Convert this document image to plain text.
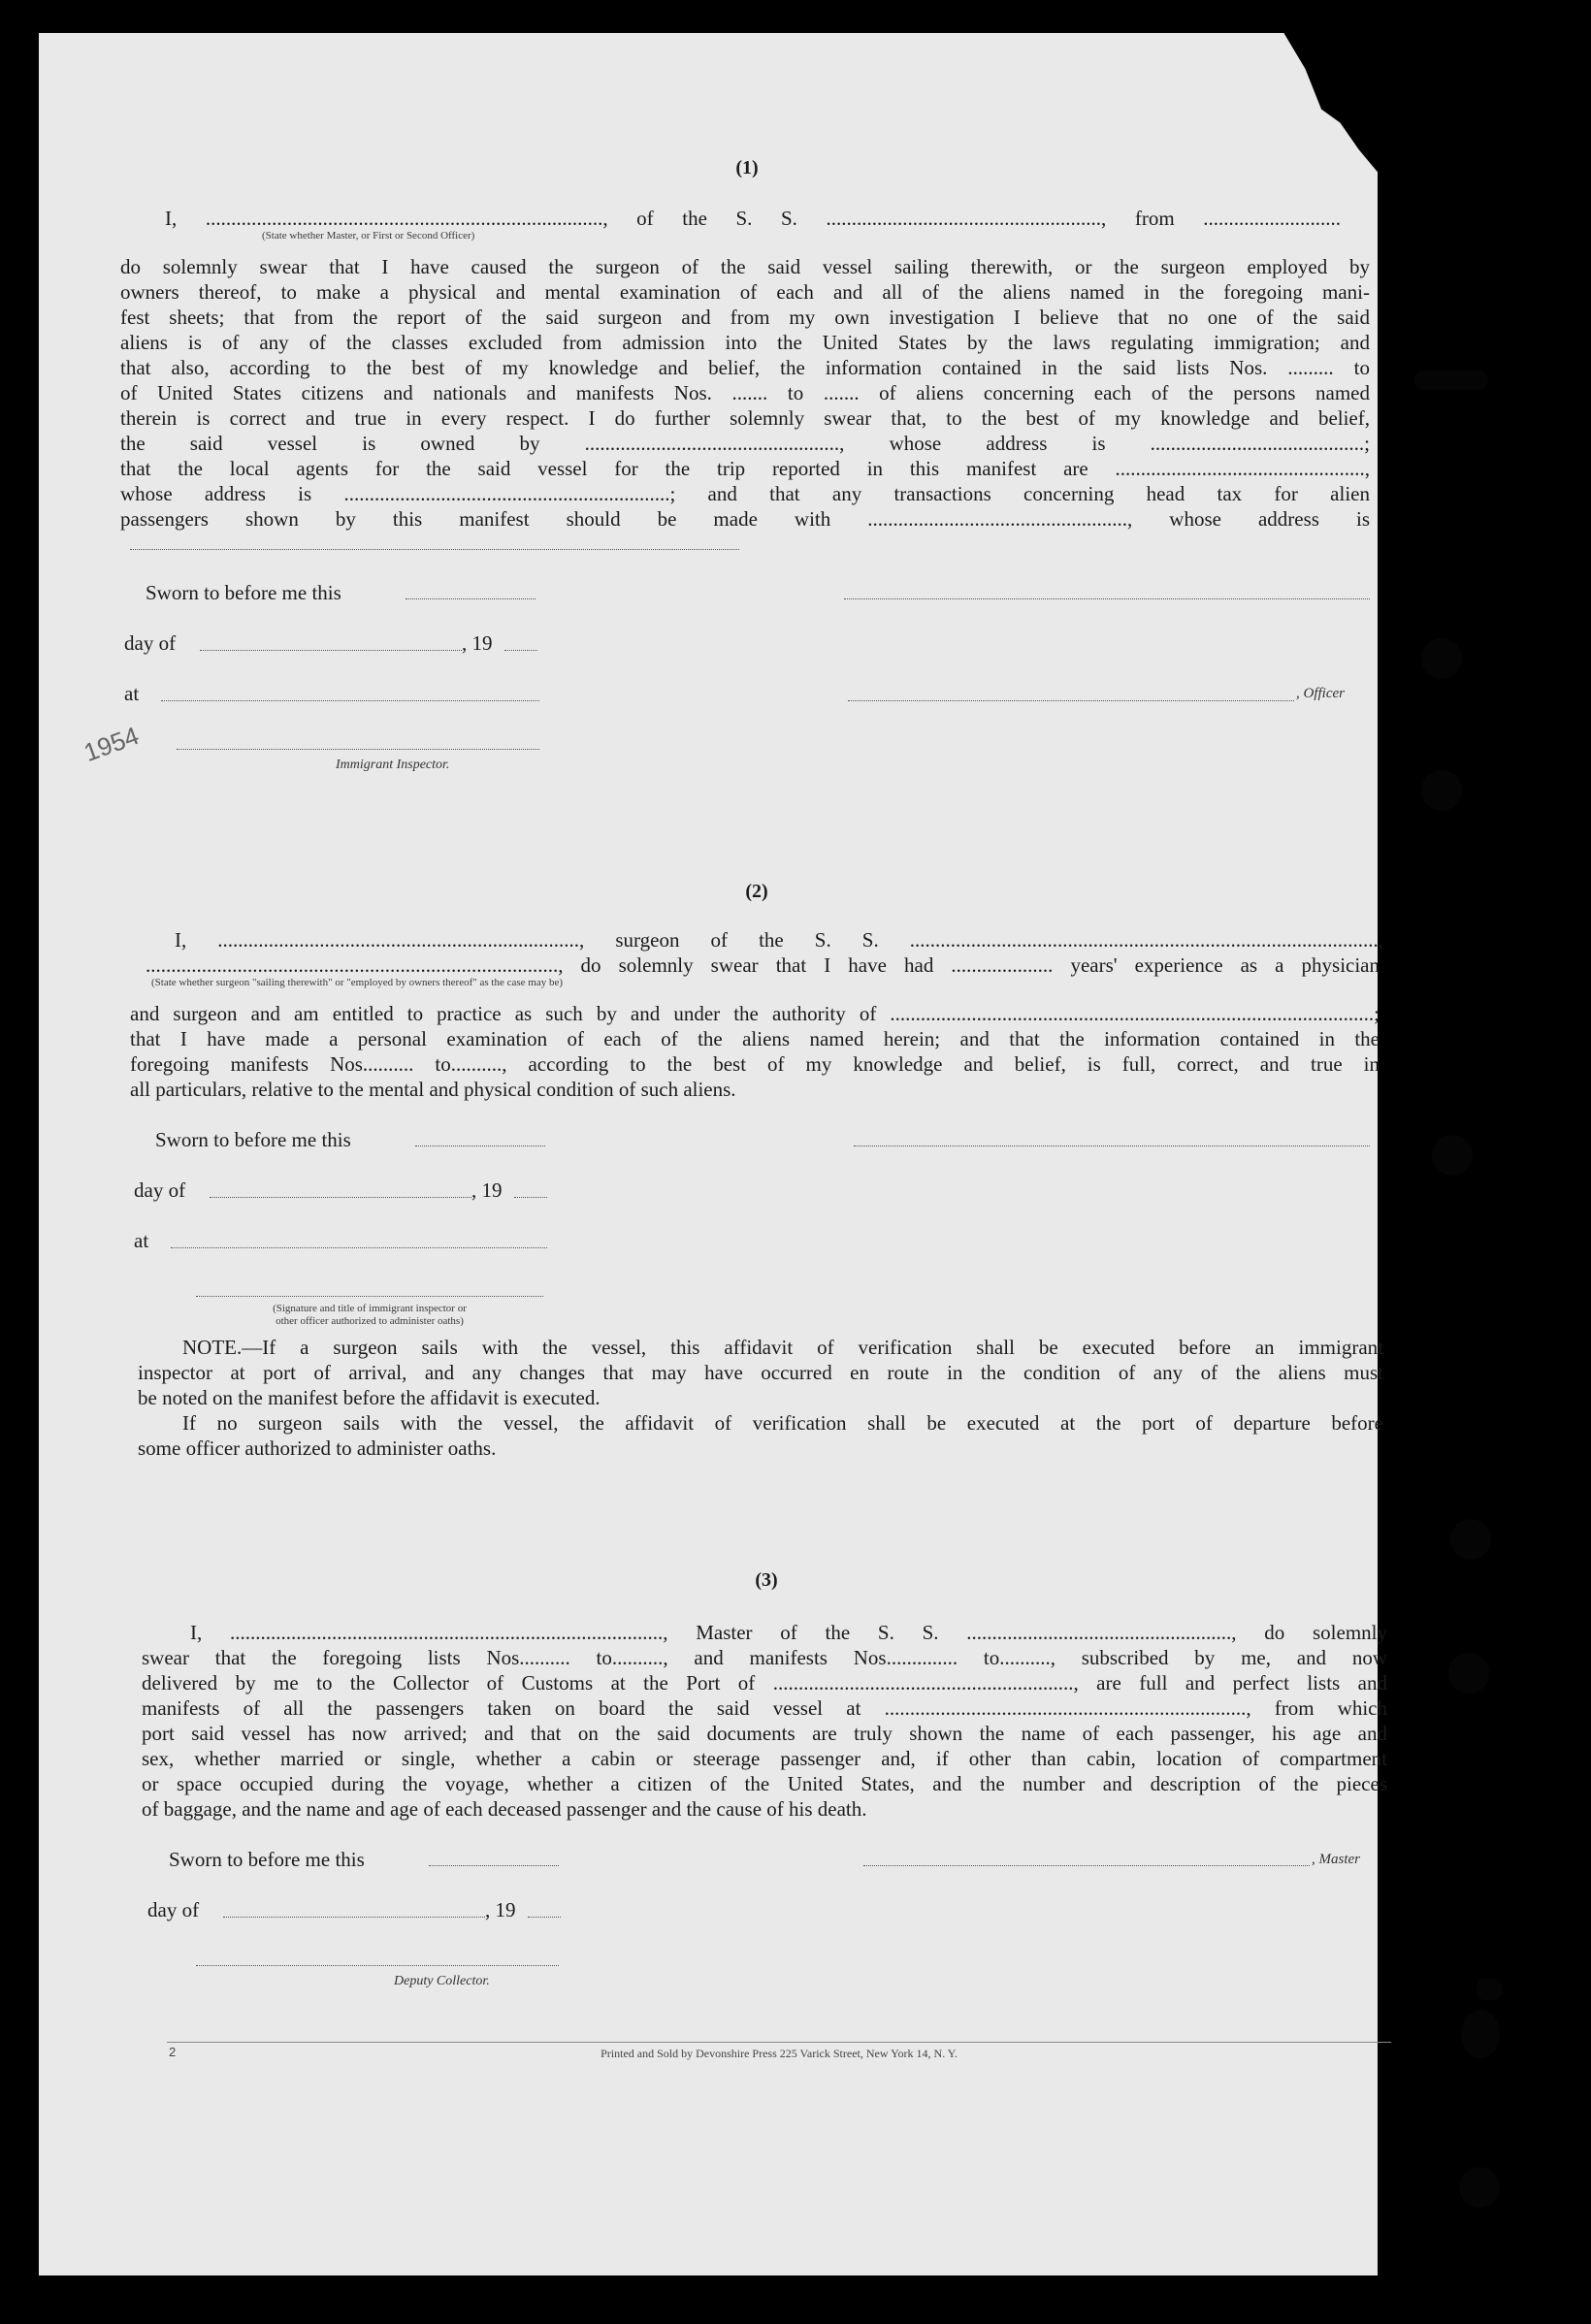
(1)
I, .............................................................................., of the S. S. ......................................................, from ...........................
(State whether Master, or First or Second Officer)
do solemnly swear that I have caused the surgeon of the said vessel sailing therewith, or the surgeon employed by
owners thereof, to make a physical and mental examination of each and all of the aliens named in the foregoing mani-
fest sheets; that from the report of the said surgeon and from my own investigation I believe that no one of the said
aliens is of any of the classes excluded from admission into the United States by the laws regulating immigration; and
that also, according to the best of my knowledge and belief, the information contained in the said lists Nos. ......... to
of United States citizens and nationals and manifests Nos. ....... to ....... of aliens concerning each of the persons named
therein is correct and true in every respect. I do further solemnly swear that, to the best of my knowledge and belief,
the said vessel is owned by .................................................., whose address is ..........................................;
that the local agents for the said vessel for the trip reported in this manifest are .................................................,
whose address is ................................................................; and that any transactions concerning head tax for alien
passengers shown by this manifest should be made with ..................................................., whose address is
Sworn to before me this
day of	, 19
at	, Officer
1954	Immigrant Inspector.
(2)
I, ......................................................................., surgeon of the S. S. ............................................................................................,
................................................................................., do solemnly swear that I have had .................... years' experience as a physician
(State whether surgeon "sailing therewith" or "employed by owners thereof" as the case may be)
and surgeon and am entitled to practice as such by and under the authority of ...............................................................................................;
that I have made a personal examination of each of the aliens named herein; and that the information contained in the
foregoing manifests Nos.......... to.........., according to the best of my knowledge and belief, is full, correct, and true in
all particulars, relative to the mental and physical condition of such aliens.
Sworn to before me this
day of	, 19
at
(Signature and title of immigrant inspector or
other officer authorized to administer oaths)
NOTE.—If a surgeon sails with the vessel, this affidavit of verification shall be executed before an immigrant
inspector at port of arrival, and any changes that may have occurred en route in the condition of any of the aliens must
be noted on the manifest before the affidavit is executed.
If no surgeon sails with the vessel, the affidavit of verification shall be executed at the port of departure before
some officer authorized to administer oaths.
(3)
I, ....................................................................................., Master of the S. S. ...................................................., do solemnly
swear that the foregoing lists Nos.......... to.........., and manifests Nos.............. to.........., subscribed by me, and now
delivered by me to the Collector of Customs at the Port of ..........................................................., are full and perfect lists and
manifests of all the passengers taken on board the said vessel at ......................................................................., from which
port said vessel has now arrived; and that on the said documents are truly shown the name of each passenger, his age and
sex, whether married or single, whether a cabin or steerage passenger and, if other than cabin, location of compartment
or space occupied during the voyage, whether a citizen of the United States, and the number and description of the pieces
of baggage, and the name and age of each deceased passenger and the cause of his death.
Sworn to before me this	, Master
day of	, 19
Deputy Collector.
2	Printed and Sold by Devonshire Press 225 Varick Street, New York 14, N. Y.
